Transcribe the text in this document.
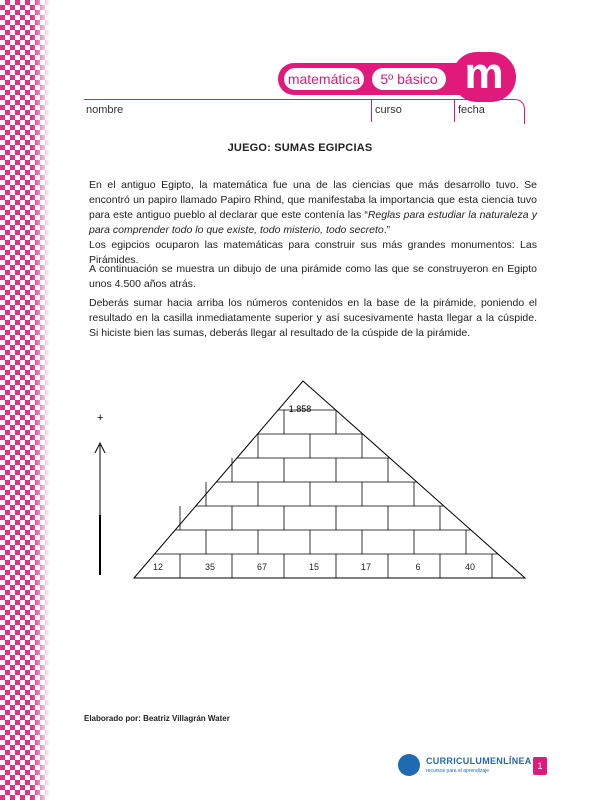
matemática	5º básico m
nombre	curso	fecha
JUEGO: SUMAS EGIPCIAS

En el antiguo Egipto, la matemática fue una de las ciencias que más desarrollo tuvo. Se encontró un papiro llamado Papiro Rhind, que manifestaba la importancia que esta ciencia tuvo para este antiguo pueblo al declarar que este contenía las “Reglas para estudiar la naturaleza y para comprender todo lo que existe, todo misterio, todo secreto.”

Los egipcios ocuparon las matemáticas para construir sus más grandes monumentos: Las Pirámides.

A continuación se muestra un dibujo de una pirámide como las que se construyeron en Egipto unos 4.500 años atrás.

Deberás sumar hacia arriba los números contenidos en la base de la pirámide, poniendo el resultado en la casilla inmediatamente superior y así sucesivamente hasta llegar a la cúspide. Si hiciste bien las sumas, deberás llegar al resultado de la cúspide de la pirámide.

+
12	35	67	15	17	6	40
1.858
Elaborado por: Beatriz Villagrán Water
CURRICULUMENLÍNEA
recursos para el aprendizaje	1
